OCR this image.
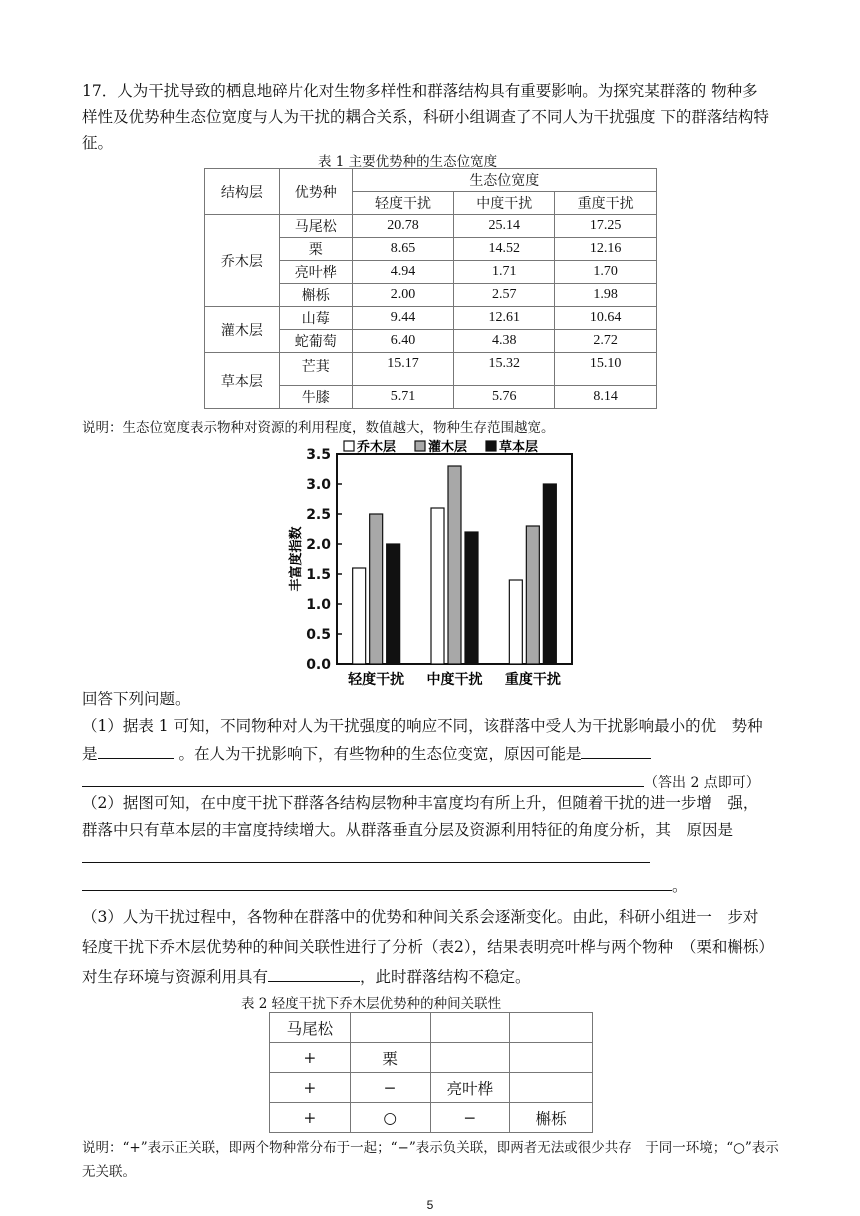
17．人为干扰导致的栖息地碎片化对生物多样性和群落结构具有重要影响。为探究某群落的 物种多样性及优势种生态位宽度与人为干扰的耦合关系，科研小组调查了不同人为干扰强度 下的群落结构特征。

表 1 主要优势种的生态位宽度
结构层	优势种	生态位宽度		
		轻度干扰	中度干扰	重度干扰
乔木层	马尾松	20.78	25.14	17.25
	栗	8.65	14.52	12.16
	亮叶桦	4.94	1.71	1.70
	槲栎	2.00	2.57	1.98
灌木层	山莓	9.44	12.61	10.64
	蛇葡萄	6.40	4.38	2.72
草本层	芒萁	15.17	15.32	15.10
	牛膝	5.71	5.76	8.14
说明：生态位宽度表示物种对资源的利用程度，数值越大，物种生存范围越宽。
0.0
0.5
1.0
1.5
2.0
2.5
3.0
3.5
丰富度指数
轻度干扰 中度干扰 重度干扰
乔木层 灌木层 草本层
回答下列问题。

（1）据表 1 可知，不同物种对人为干扰强度的响应不同，该群落中受人为干扰影响最小的优　势种是	。在人为干扰影响下，有些物种的生态位变宽，原因可能是
（答出 2 点即可）

（2）据图可知，在中度干扰下群落各结构层物种丰富度均有所上升，但随着干扰的进一步增　强，群落中只有草本层的丰富度持续增大。从群落垂直分层及资源利用特征的角度分析，其　原因是
。

（3）人为干扰过程中，各物种在群落中的优势和种间关系会逐渐变化。由此，科研小组进一　步对轻度干扰下乔木层优势种的种间关联性进行了分析（表2），结果表明亮叶桦与两个物种　（栗和槲栎）对生存环境与资源利用具有	，此时群落结构不稳定。

表 2 轻度干扰下乔木层优势种的种间关联性
马尾松			
+	栗		
+	−	亮叶桦	
+	○	−	槲栎
说明：“+”表示正关联，即两个物种常分布于一起；“−”表示负关联，即两者无法或很少共存　于同一环境；“○”表示无关联。
5
